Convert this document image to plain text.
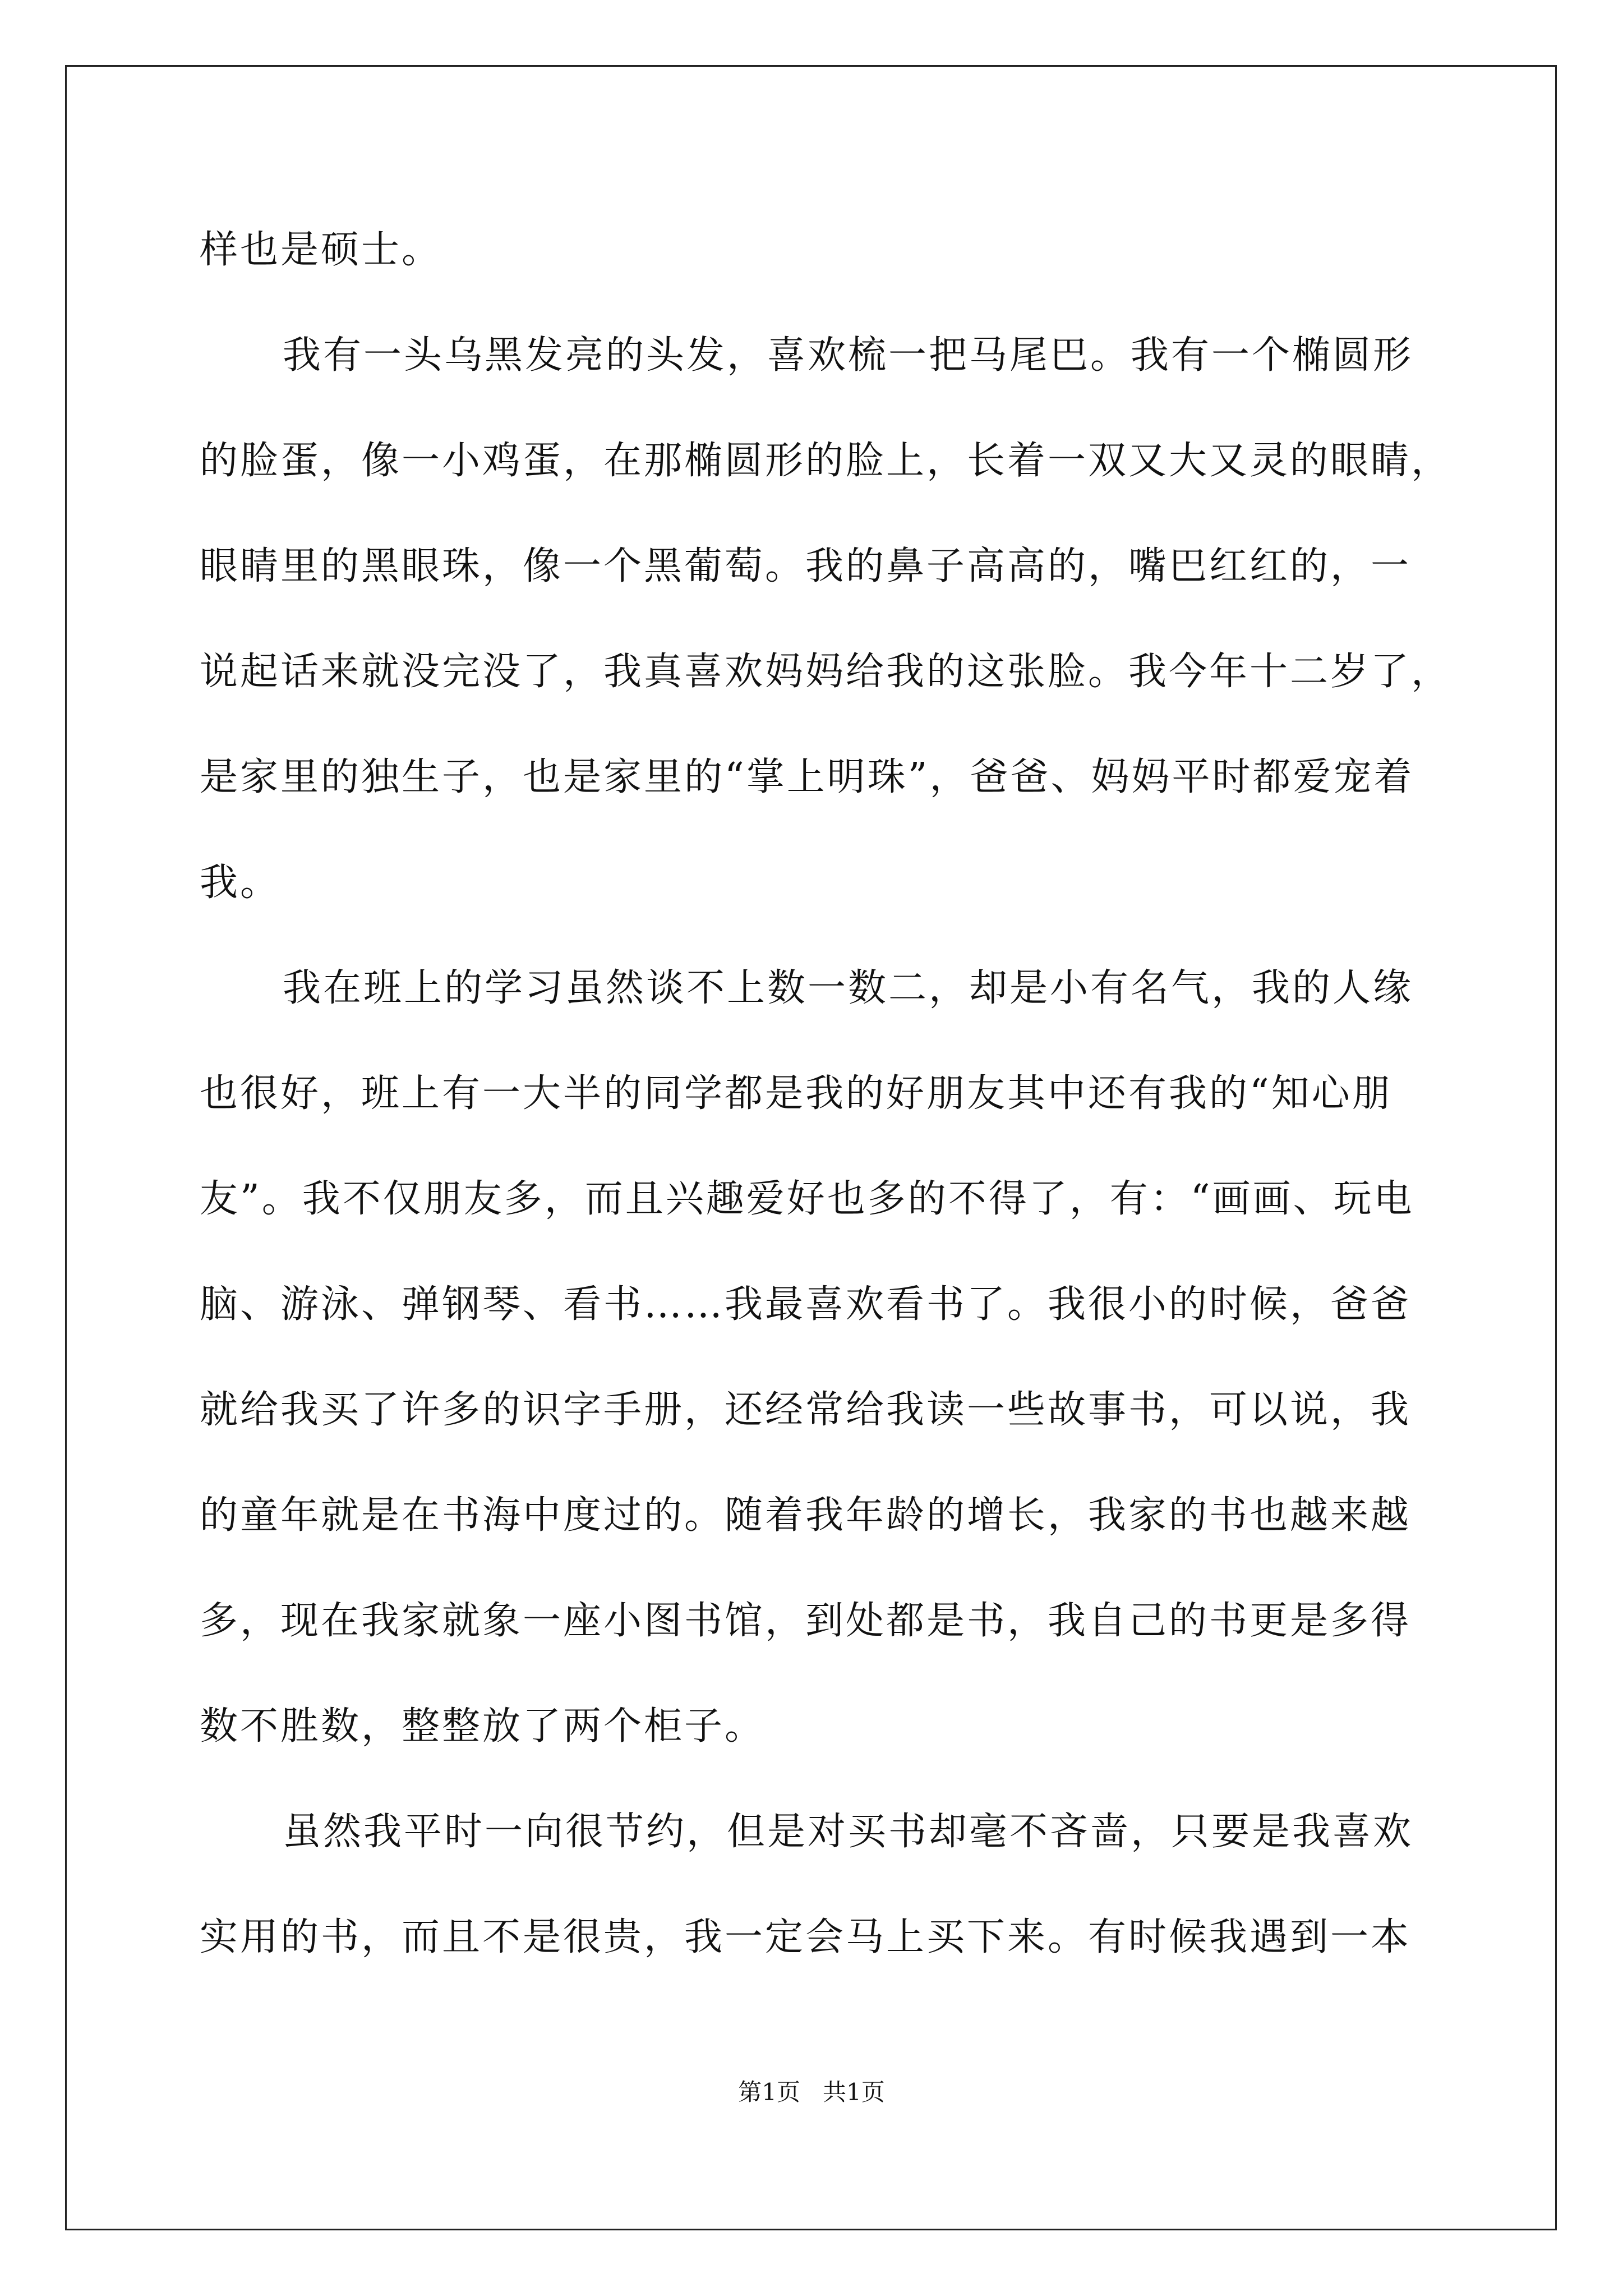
样也是硕士。
我有一头乌黑发亮的头发，喜欢梳一把马尾巴。我有一个椭圆形
的脸蛋，像一小鸡蛋，在那椭圆形的脸上，长着一双又大又灵的眼睛，
眼睛里的黑眼珠，像一个黑葡萄。我的鼻子高高的，嘴巴红红的，一
说起话来就没完没了，我真喜欢妈妈给我的这张脸。我今年十二岁了，
是家里的独生子，也是家里的“掌上明珠”，爸爸、妈妈平时都爱宠着
我。
我在班上的学习虽然谈不上数一数二，却是小有名气，我的人缘
也很好，班上有一大半的同学都是我的好朋友其中还有我的“知心朋
友”。我不仅朋友多，而且兴趣爱好也多的不得了，有：“画画、玩电
脑、游泳、弹钢琴、看书……我最喜欢看书了。我很小的时候，爸爸
就给我买了许多的识字手册，还经常给我读一些故事书，可以说，我
的童年就是在书海中度过的。随着我年龄的增长，我家的书也越来越
多，现在我家就象一座小图书馆，到处都是书，我自己的书更是多得
数不胜数，整整放了两个柜子。
虽然我平时一向很节约，但是对买书却毫不吝啬，只要是我喜欢
实用的书，而且不是很贵，我一定会马上买下来。有时候我遇到一本
第1页   共1页
